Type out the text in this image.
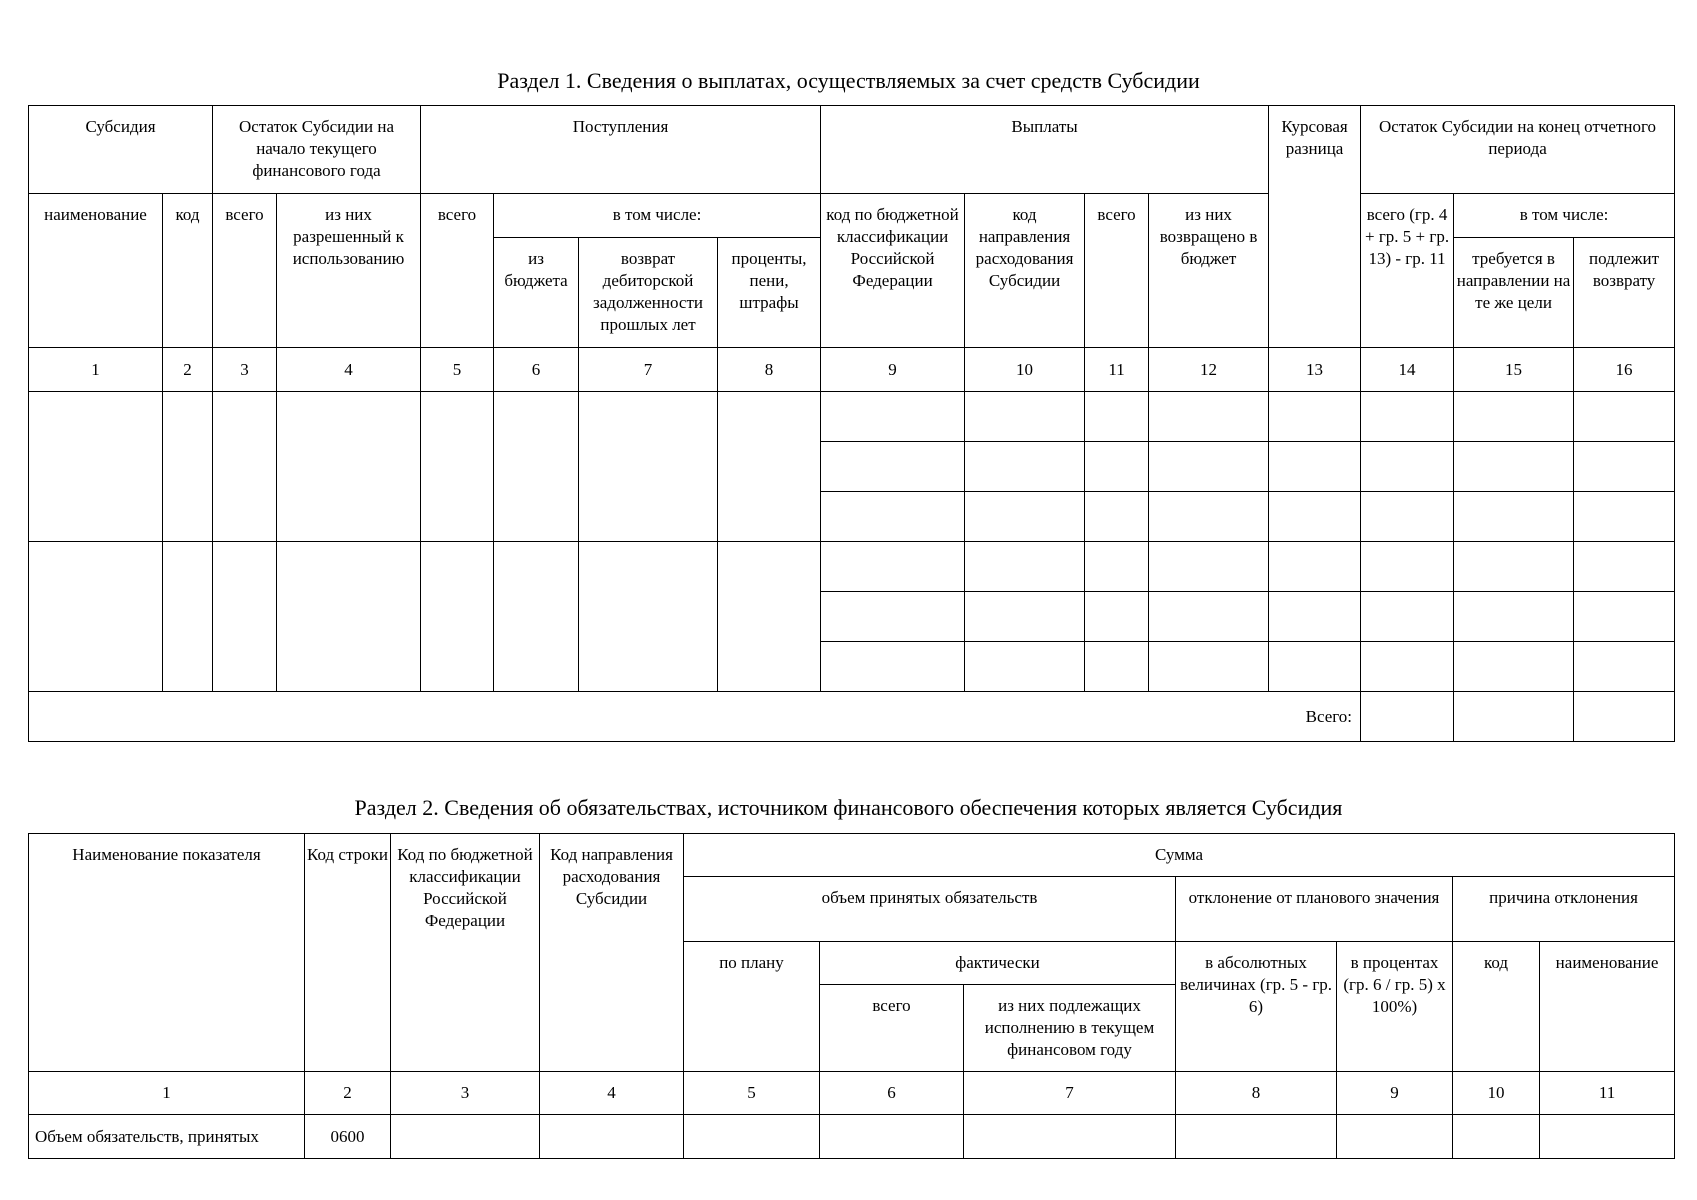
Раздел 1. Сведения о выплатах, осуществляемых за счет средств Субсидии
Субсидия		Остаток Субсидии на начало текущего финансового года		Поступления				Выплаты				Курсовая разница	Остаток Субсидии на конец отчетного периода		
наименование	код	всего	из них разрешенный к использованию	всего	в том числе:			код по бюджетной классификации Российской Федерации	код направления расходования Субсидии	всего	из них возвращено в бюджет		всего (гр. 4 + гр. 5 + гр. 13) - гр. 11	в том числе:	
					из бюджета	возврат дебиторской задолженности прошлых лет	проценты, пени, штрафы							требуется в направлении на те же цели	подлежит возврату
1	2	3	4	5	6	7	8	9	10	11	12	13	14	15	16

Всего:															
Раздел 2. Сведения об обязательствах, источником финансового обеспечения которых является Субсидия
Наименование показателя	Код строки	Код по бюджетной классификации Российской Федерации	Код направления расходования Субсидии	Сумма						
				объем принятых обязательств			отклонение от планового значения		причина отклонения	
				по плану	фактически		в абсолютных величинах (гр. 5 - гр. 6)	в процентах (гр. 6 / гр. 5) x 100%)	код	наименование
					всего	из них подлежащих исполнению в текущем финансовом году				
1	2	3	4	5	6	7	8	9	10	11
Объем обязательств, принятых	0600									
